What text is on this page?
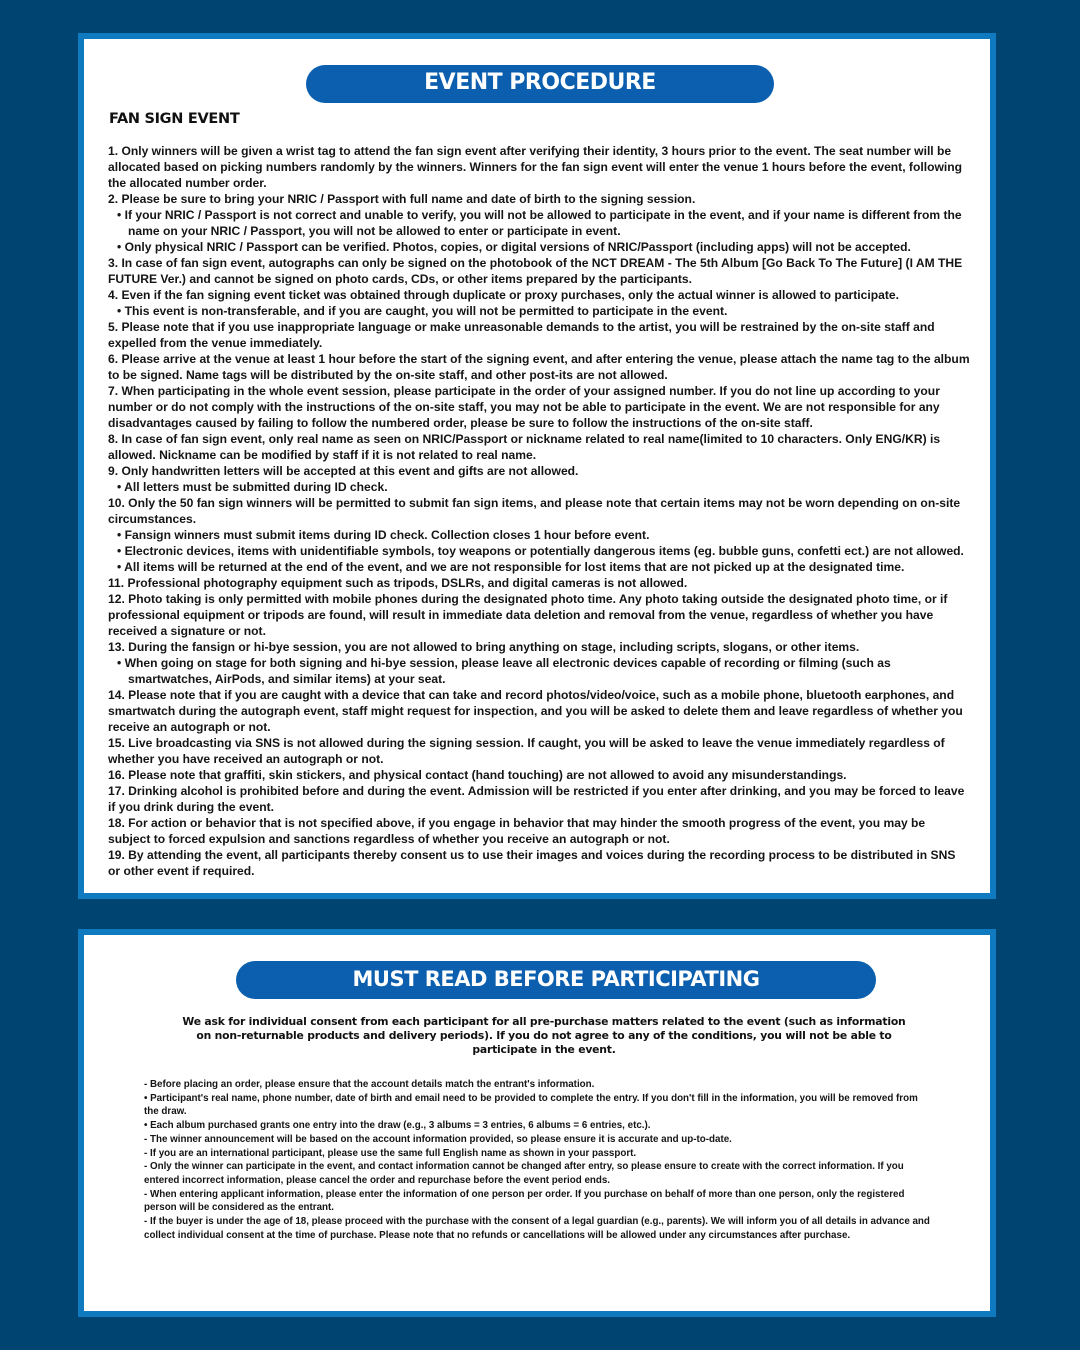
EVENT PROCEDURE
FAN SIGN EVENT

1. Only winners will be given a wrist tag to attend the fan sign event after verifying their identity, 3 hours prior to the event. The seat number will be allocated based on picking numbers randomly by the winners. Winners for the fan sign event will enter the venue 1 hours before the event, following the allocated number order.

2. Please be sure to bring your NRIC / Passport with full name and date of birth to the signing session.

• If your NRIC / Passport is not correct and unable to verify, you will not be allowed to participate in the event, and if your name is different from the name on your NRIC / Passport, you will not be allowed to enter or participate in event.

• Only physical NRIC / Passport can be verified. Photos, copies, or digital versions of NRIC/Passport (including apps) will not be accepted.

3. In case of fan sign event, autographs can only be signed on the photobook of the NCT DREAM - The 5th Album [Go Back To The Future] (I AM THE FUTURE Ver.) and cannot be signed on photo cards, CDs, or other items prepared by the participants.

4. Even if the fan signing event ticket was obtained through duplicate or proxy purchases, only the actual winner is allowed to participate.

• This event is non-transferable, and if you are caught, you will not be permitted to participate in the event.

5. Please note that if you use inappropriate language or make unreasonable demands to the artist, you will be restrained by the on-site staff and expelled from the venue immediately.

6. Please arrive at the venue at least 1 hour before the start of the signing event, and after entering the venue, please attach the name tag to the album to be signed. Name tags will be distributed by the on-site staff, and other post-its are not allowed.

7. When participating in the whole event session, please participate in the order of your assigned number. If you do not line up according to your number or do not comply with the instructions of the on-site staff, you may not be able to participate in the event. We are not responsible for any disadvantages caused by failing to follow the numbered order, please be sure to follow the instructions of the on-site staff.

8. In case of fan sign event, only real name as seen on NRIC/Passport or nickname related to real name(limited to 10 characters. Only ENG/KR) is allowed. Nickname can be modified by staff if it is not related to real name.

9. Only handwritten letters will be accepted at this event and gifts are not allowed.

• All letters must be submitted during ID check.

10. Only the 50 fan sign winners will be permitted to submit fan sign items, and please note that certain items may not be worn depending on on-site circumstances.

• Fansign winners must submit items during ID check. Collection closes 1 hour before event.

• Electronic devices, items with unidentifiable symbols, toy weapons or potentially dangerous items (eg. bubble guns, confetti ect.) are not allowed.

• All items will be returned at the end of the event, and we are not responsible for lost items that are not picked up at the designated time.

11. Professional photography equipment such as tripods, DSLRs, and digital cameras is not allowed.

12. Photo taking is only permitted with mobile phones during the designated photo time. Any photo taking outside the designated photo time, or if professional equipment or tripods are found, will result in immediate data deletion and removal from the venue, regardless of whether you have received a signature or not.

13. During the fansign or hi-bye session, you are not allowed to bring anything on stage, including scripts, slogans, or other items.

• When going on stage for both signing and hi-bye session, please leave all electronic devices capable of recording or filming (such as smartwatches, AirPods, and similar items) at your seat.

14. Please note that if you are caught with a device that can take and record photos/video/voice, such as a mobile phone, bluetooth earphones, and smartwatch during the autograph event, staff might request for inspection, and you will be asked to delete them and leave regardless of whether you receive an autograph or not.

15. Live broadcasting via SNS is not allowed during the signing session. If caught, you will be asked to leave the venue immediately regardless of whether you have received an autograph or not.

16. Please note that graffiti, skin stickers, and physical contact (hand touching) are not allowed to avoid any misunderstandings.

17. Drinking alcohol is prohibited before and during the event. Admission will be restricted if you enter after drinking, and you may be forced to leave if you drink during the event.

18. For action or behavior that is not specified above, if you engage in behavior that may hinder the smooth progress of the event, you may be subject to forced expulsion and sanctions regardless of whether you receive an autograph or not.

19. By attending the event, all participants thereby consent us to use their images and voices during the recording process to be distributed in SNS or other event if required.

MUST READ BEFORE PARTICIPATING
We ask for individual consent from each participant for all pre-purchase matters related to the event (such as information on non-returnable products and delivery periods). If you do not agree to any of the conditions, you will not be able to participate in the event.

- Before placing an order, please ensure that the account details match the entrant's information.

• Participant's real name, phone number, date of birth and email need to be provided to complete the entry. If you don't fill in the information, you will be removed from the draw.

• Each album purchased grants one entry into the draw (e.g., 3 albums = 3 entries, 6 albums = 6 entries, etc.).

- The winner announcement will be based on the account information provided, so please ensure it is accurate and up-to-date.

- If you are an international participant, please use the same full English name as shown in your passport.

- Only the winner can participate in the event, and contact information cannot be changed after entry, so please ensure to create with the correct information. If you entered incorrect information, please cancel the order and repurchase before the event period ends.

- When entering applicant information, please enter the information of one person per order. If you purchase on behalf of more than one person, only the registered person will be considered as the entrant.

- If the buyer is under the age of 18, please proceed with the purchase with the consent of a legal guardian (e.g., parents). We will inform you of all details in advance and collect individual consent at the time of purchase. Please note that no refunds or cancellations will be allowed under any circumstances after purchase.
